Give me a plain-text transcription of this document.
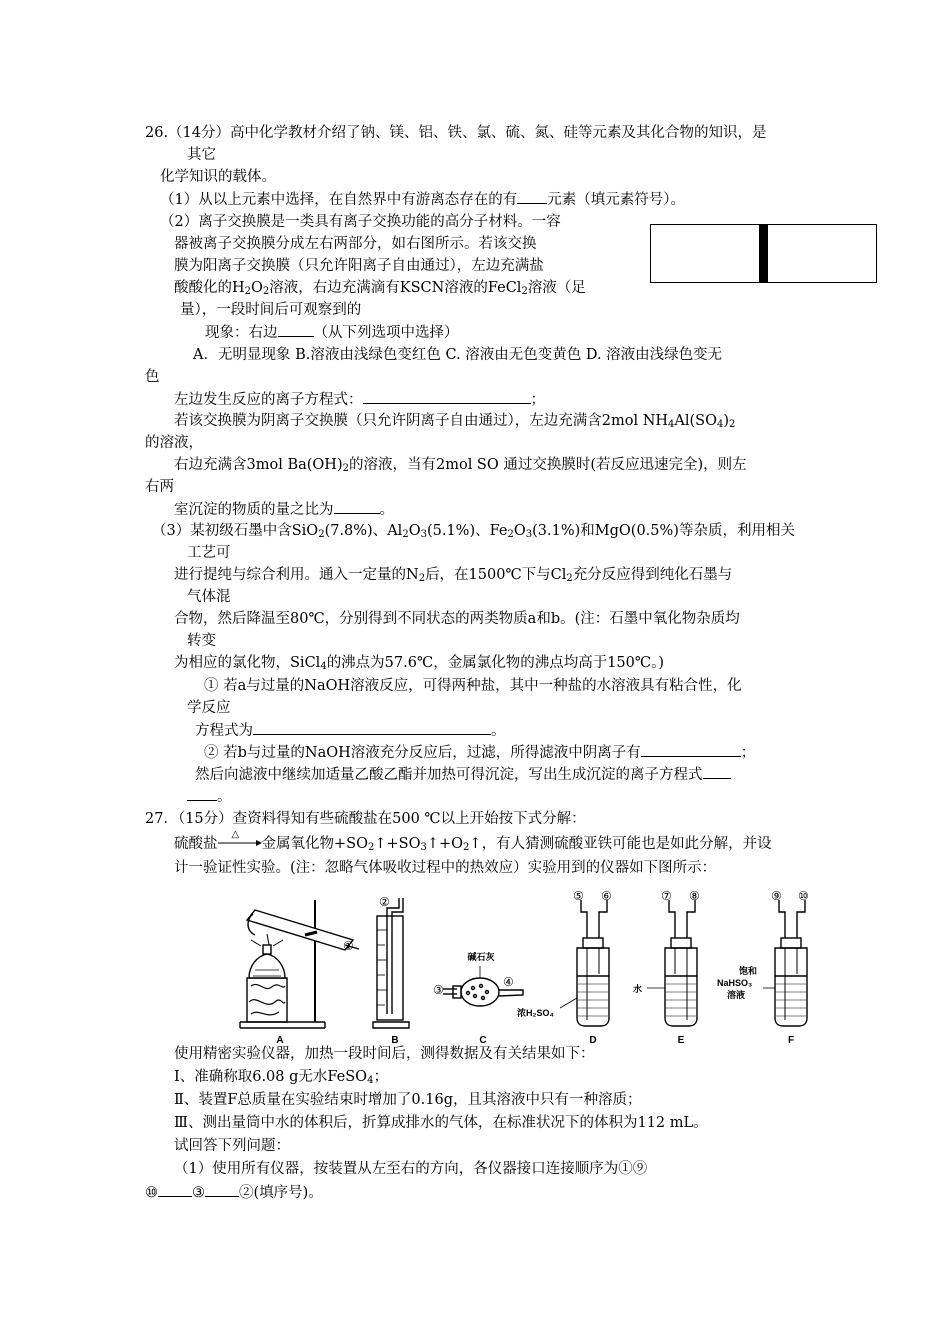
26.（14分）高中化学教材介绍了钠、镁、铝、铁、氯、硫、氮、硅等元素及其化合物的知识，是
其它
化学知识的载体。
（1）从以上元素中选择，在自然界中有游离态存在的有 元素（填元素符号）。
（2）离子交换膜是一类具有离子交换功能的高分子材料。一容
器被离子交换膜分成左右两部分，如右图所示。若该交换
膜为阳离子交换膜（只允许阳离子自由通过），左边充满盐
酸酸化的$H_2O_2$溶液，右边充满滴有KSCN溶液的FeCl$_2$溶液（足
量），一段时间后可观察到的
现象：右边 （从下列选项中选择）
A．无明显现象 B.溶液由浅绿色变红色 C. 溶液由无色变黄色 D. 溶液由浅绿色变无
色
左边发生反应的离子方程式：	；
若该交换膜为阴离子交换膜（只允许阴离子自由通过），左边充满含2mol $NH_4Al(SO_4)_2$
的溶液，
右边充满含3mol $Ba(OH)_2$的溶液，当有2mol SO 通过交换膜时(若反应迅速完全)，则左
右两
室沉淀的物质的量之比为	。
（3）某初级石墨中含SiO$_2$(7.8%)、$Al_2O_3(5.1\%)$、$Fe_2O_3(3.1\%)$和MgO(0.5%)等杂质，利用相关
工艺可
进行提纯与综合利用。通入一定量的$N_2$后，在1500℃下与$Cl_2$充分反应得到纯化石墨与
气体混
合物，然后降温至80℃，分别得到不同状态的两类物质a和b。(注：石墨中氧化物杂质均
转变
为相应的氯化物，SiCl$_4$的沸点为57.6℃，金属氯化物的沸点均高于150℃。)
① 若a与过量的NaOH溶液反应，可得两种盐，其中一种盐的水溶液具有粘合性，化
学反应
方程式为	。
② 若b与过量的NaOH溶液充分反应后，过滤，所得滤液中阴离子有	；
然后向滤液中继续加适量乙酸乙酯并加热可得沉淀，写出生成沉淀的离子方程式
。
27．（15分）查资料得知有些硫酸盐在500 ℃以上开始按下式分解：
硫酸盐
△
金属氧化物$+SO_2↑+SO_3↑+O_2↑$，有人猜测硫酸亚铁可能也是如此分解，并设
计一验证性实验。(注：忽略气体吸收过程中的热效应）实验用到的仪器如下图所示：
A	B	C	D	E	F
碱石灰
浓H₂SO₄
水
饱和
NaHSO₃
溶液
①
②
③
④
⑤ ⑥	⑦ ⑧	⑨ ⑩
使用精密实验仪器，加热一段时间后，测得数据及有关结果如下：
Ⅰ、准确称取6.08 g无水FeSO$_4$；
Ⅱ、装置F总质量在实验结束时增加了0.16g，且其溶液中只有一种溶质；
Ⅲ、测出量筒中水的体积后，折算成排水的气体，在标准状况下的体积为112 mL。
试回答下列问题：
（1）使用所有仪器，按装置从左至右的方向，各仪器接口连接顺序为①⑨
⑩ ③ ②(填序号)。
